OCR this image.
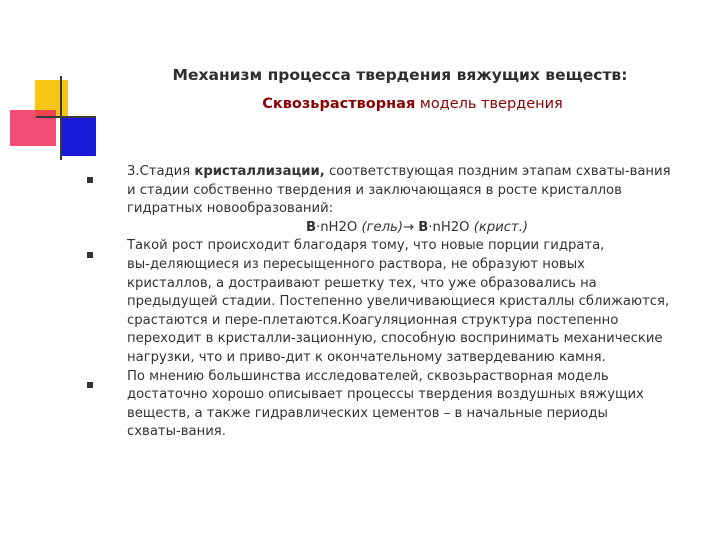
Механизм процесса твердения вяжущих веществ:
Сквозьрастворная модель твердения

3.Стадия кристаллизации, соответствующая поздним этапам схваты-вания

и стадии собственно твердения и заключающаяся в росте кристаллов

гидратных новообразований:

В·nH2O (гель)→ В·nH2O (крист.)

Такой рост происходит благодаря тому, что новые порции гидрата,

вы-деляющиеся из пересыщенного раствора, не образуют новых

кристаллов, а достраивают решетку тех, что уже образовались на

предыдущей стадии. Постепенно увеличивающиеся кристаллы сближаются,

срастаются и пере-плетаются.Коагуляционная структура постепенно

переходит в кристалли-зационную, способную воспринимать механические

нагрузки, что и приво-дит к окончательному затвердеванию камня.

По мнению большинства исследователей, сквозьрастворная модель

достаточно хорошо описывает процессы твердения воздушных вяжущих

веществ, а также гидравлических цементов – в начальные периоды

схваты-вания.
